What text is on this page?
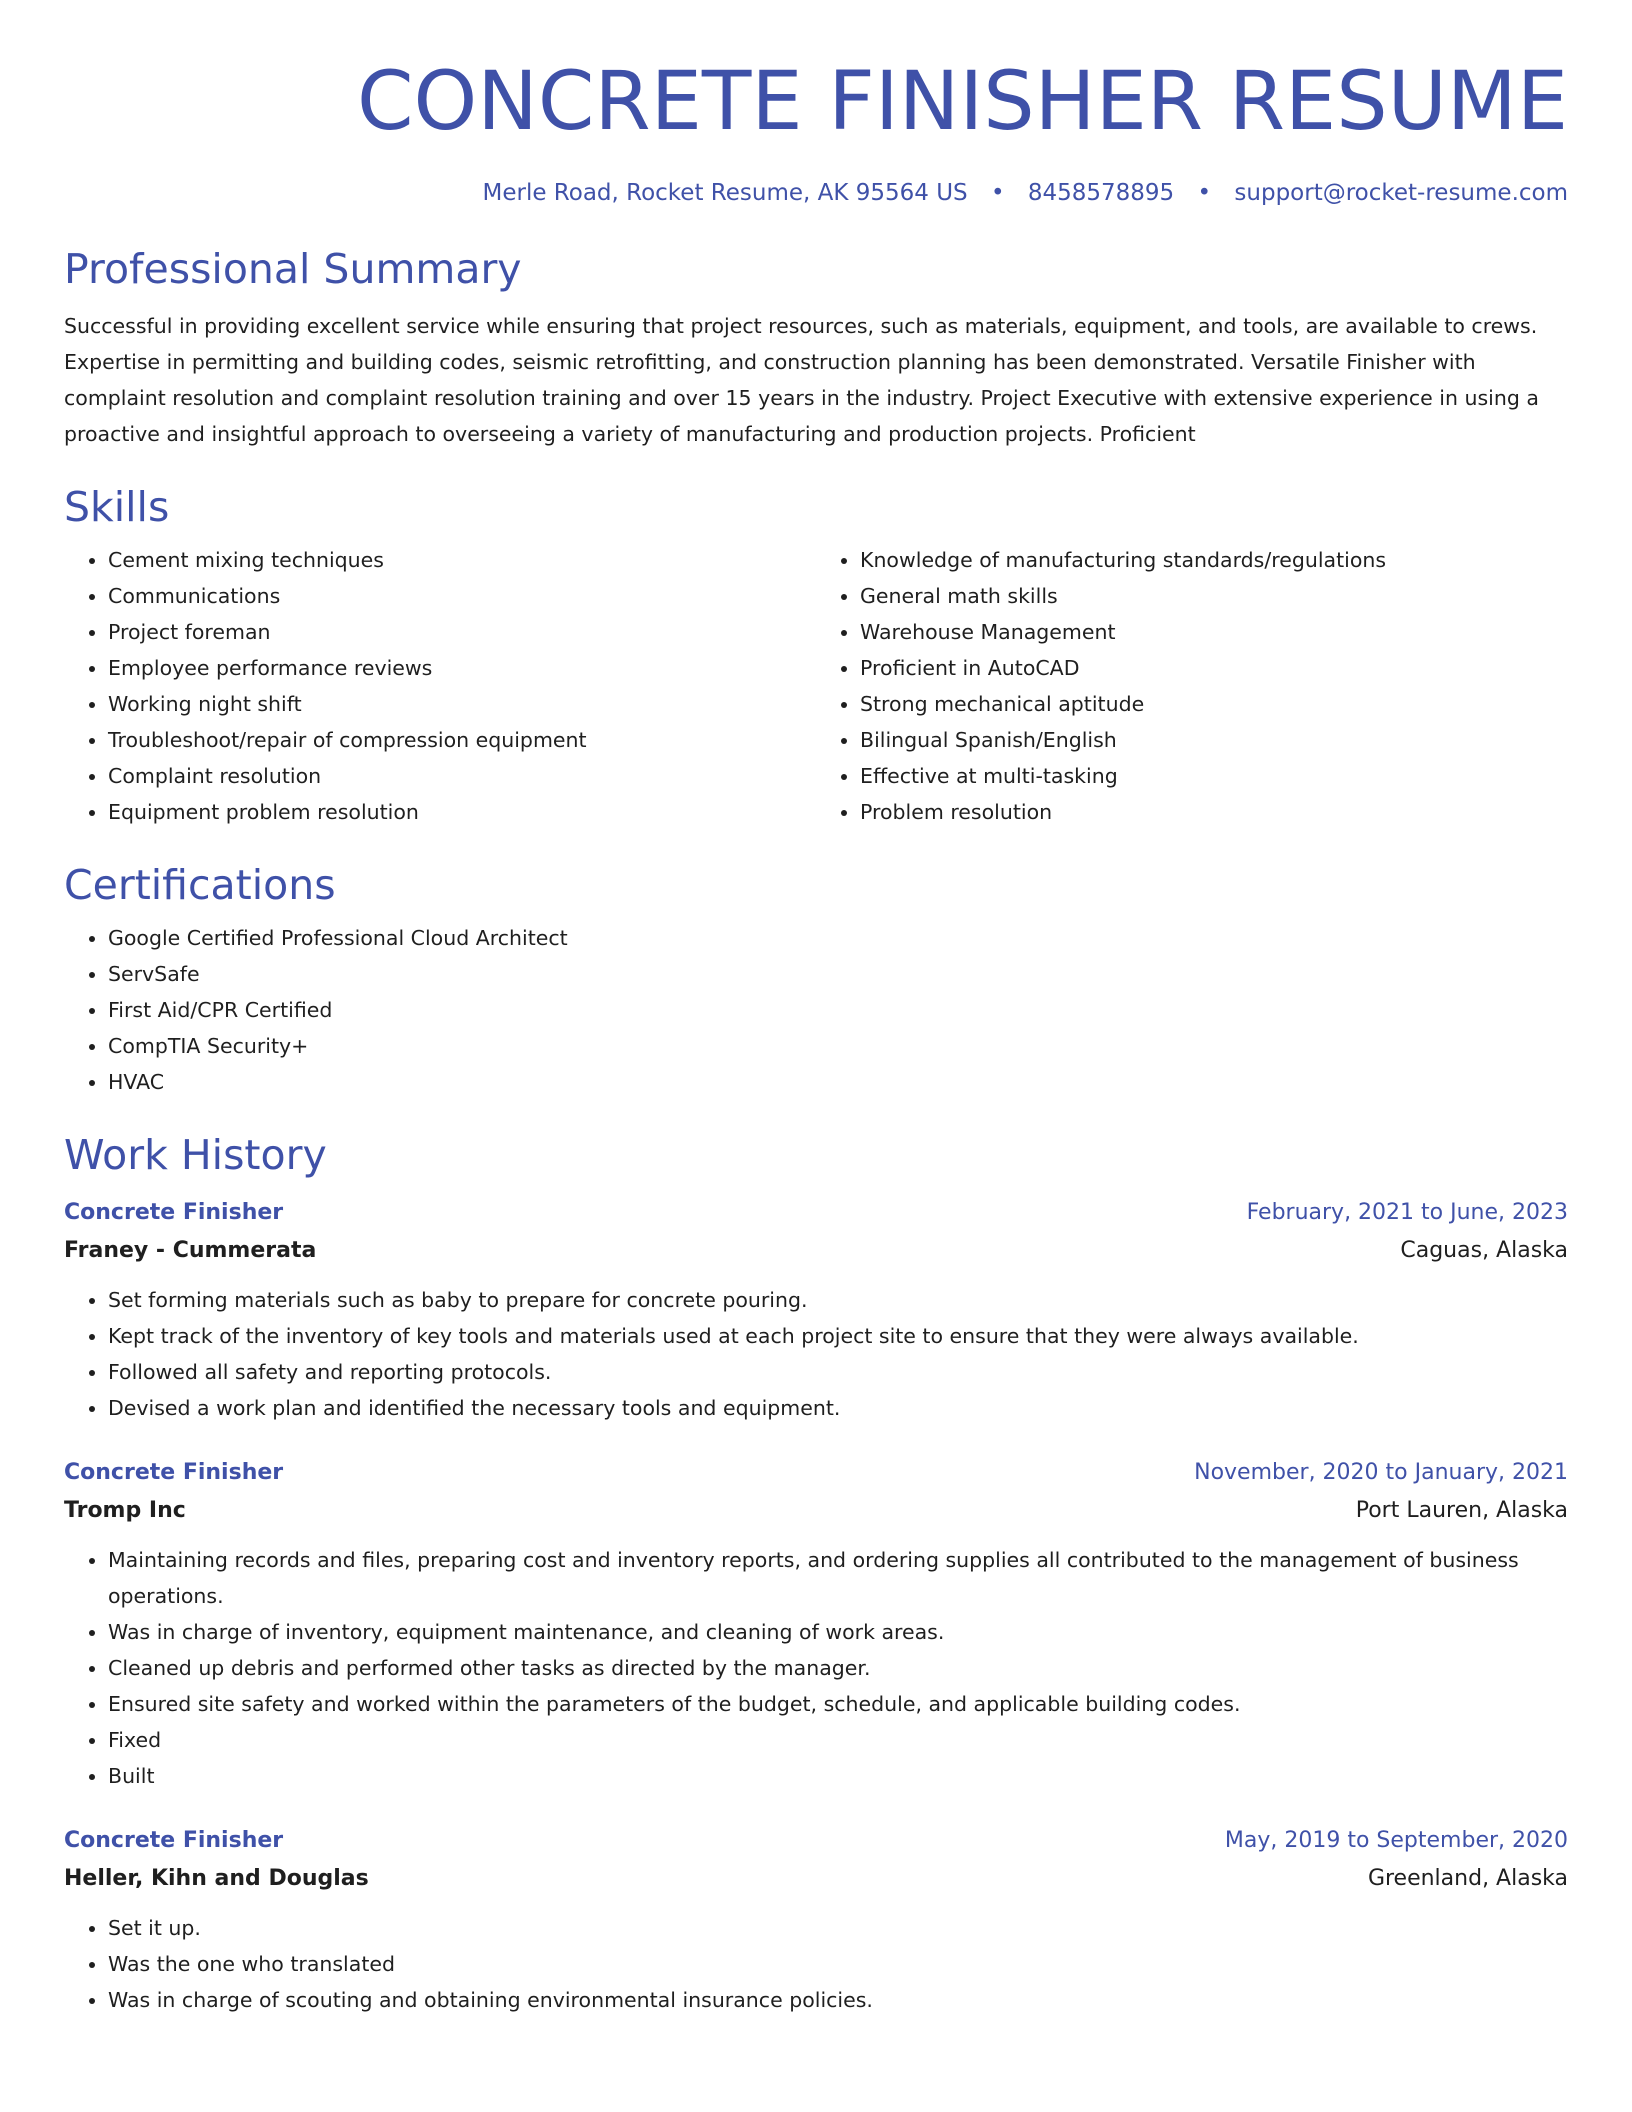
CONCRETE FINISHER RESUME
Merle Road, Rocket Resume, AK 95564 US • 8458578895 • support@rocket-resume.com
Professional Summary

Successful in providing excellent service while ensuring that project resources, such as materials, equipment, and tools, are available to crews. Expertise in permitting and building codes, seismic retrofitting, and construction planning has been demonstrated. Versatile Finisher with complaint resolution and complaint resolution training and over 15 years in the industry. Project Executive with extensive experience in using a proactive and insightful approach to overseeing a variety of manufacturing and production projects. Proficient

Skills
• Cement mixing techniques
• Communications
• Project foreman
• Employee performance reviews
• Working night shift
• Troubleshoot/repair of compression equipment
• Complaint resolution
• Equipment problem resolution
• Knowledge of manufacturing standards/regulations
• General math skills
• Warehouse Management
• Proficient in AutoCAD
• Strong mechanical aptitude
• Bilingual Spanish/English
• Effective at multi-tasking
• Problem resolution
Certifications
• Google Certified Professional Cloud Architect
• ServSafe
• First Aid/CPR Certified
• CompTIA Security+
• HVAC
Work History
Concrete Finisher	February, 2021 to June, 2023
Franey - Cummerata	Caguas, Alaska
• Set forming materials such as baby to prepare for concrete pouring.
• Kept track of the inventory of key tools and materials used at each project site to ensure that they were always available.
• Followed all safety and reporting protocols.
• Devised a work plan and identified the necessary tools and equipment.
Concrete Finisher	November, 2020 to January, 2021
Tromp Inc	Port Lauren, Alaska
• Maintaining records and files, preparing cost and inventory reports, and ordering supplies all contributed to the management of business operations.
• Was in charge of inventory, equipment maintenance, and cleaning of work areas.
• Cleaned up debris and performed other tasks as directed by the manager.
• Ensured site safety and worked within the parameters of the budget, schedule, and applicable building codes.
• Fixed
• Built
Concrete Finisher	May, 2019 to September, 2020
Heller, Kihn and Douglas	Greenland, Alaska
• Set it up.
• Was the one who translated
• Was in charge of scouting and obtaining environmental insurance policies.
